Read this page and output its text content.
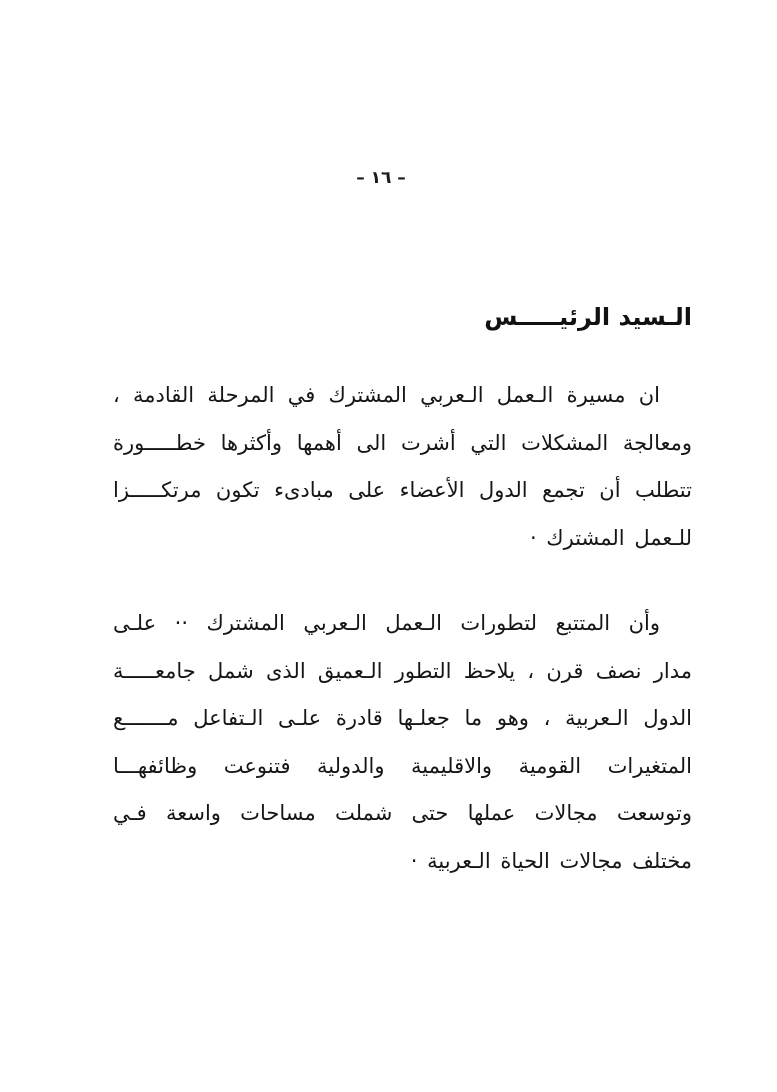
– ١٦ –
الـسيد الرئيـــــس
ان مسيرة الـعمل الـعربي المشترك في المرحلة القادمة ،
ومعالجة المشكلات التي أشرت الى أهمها وأكثرها خطـــــورة
تتطلب أن تجمع الدول الأعضاء على مبادىء تكون مرتكـــــزا
للـعمل المشترك ·
وأن المتتبع لتطورات الـعمل الـعربي المشترك ·· علـى
مدار نصف قرن ، يلاحظ التطور الـعميق الذى شمل جامعـــــة
الدول الـعربية ، وهو ما جعلـها قادرة علـى الـتفاعل مـــــــع
المتغيرات القومية والاقليمية والدولية فتنوعت وظائفهـــا
وتوسعت مجالات عملها حتى شملت مساحات واسعة فـي
مختلف مجالات الحياة الـعربية ·
